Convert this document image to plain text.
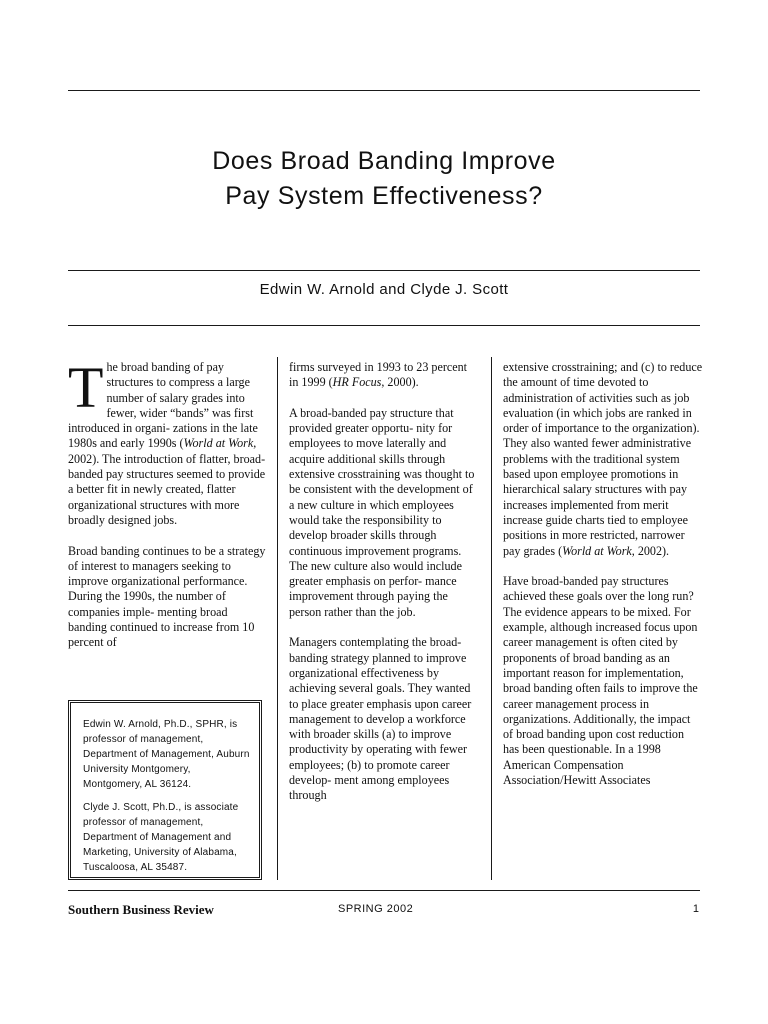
Does Broad Banding Improve
Pay System Effectiveness?
Edwin W. Arnold and Clyde J. Scott

The broad banding of pay structures to compress a large number of salary grades into fewer, wider “bands” was first introduced in organi- zations in the late 1980s and early 1990s (World at Work, 2002). The introduction of flatter, broad-banded pay structures seemed to provide a better fit in newly created, flatter organizational structures with more broadly designed jobs.

Broad banding continues to be a strategy of interest to managers seeking to improve organizational performance. During the 1990s, the number of companies imple- menting broad banding continued to increase from 10 percent of

Edwin W. Arnold, Ph.D., SPHR, is professor of management, Department of Management, Auburn University Montgomery, Montgomery, AL 36124.

Clyde J. Scott, Ph.D., is associate professor of management, Department of Management and Marketing, University of Alabama, Tuscaloosa, AL 35487.

firms surveyed in 1993 to 23 percent in 1999 (HR Focus, 2000).

A broad-banded pay structure that provided greater opportu- nity for employees to move laterally and acquire additional skills through extensive crosstraining was thought to be consistent with the development of a new culture in which employees would take the responsibility to develop broader skills through continuous improvement programs. The new culture also would include greater emphasis on perfor- mance improvement through paying the person rather than the job.

Managers contemplating the broad-banding strategy planned to improve organizational effectiveness by achieving several goals. They wanted to place greater emphasis upon career management to develop a workforce with broader skills (a) to improve productivity by operating with fewer employees; (b) to promote career develop- ment among employees through

extensive crosstraining; and (c) to reduce the amount of time devoted to administration of activities such as job evaluation (in which jobs are ranked in order of importance to the organization). They also wanted fewer administrative problems with the traditional system based upon employee promotions in hierarchical salary structures with pay increases implemented from merit increase guide charts tied to employee positions in more restricted, narrower pay grades (World at Work, 2002).

Have broad-banded pay structures achieved these goals over the long run? The evidence appears to be mixed. For example, although increased focus upon career management is often cited by proponents of broad banding as an important reason for implementation, broad banding often fails to improve the career management process in organizations. Additionally, the impact of broad banding upon cost reduction has been questionable. In a 1998 American Compensation Association/Hewitt Associates

Southern Business Review	SPRING 2002	1
